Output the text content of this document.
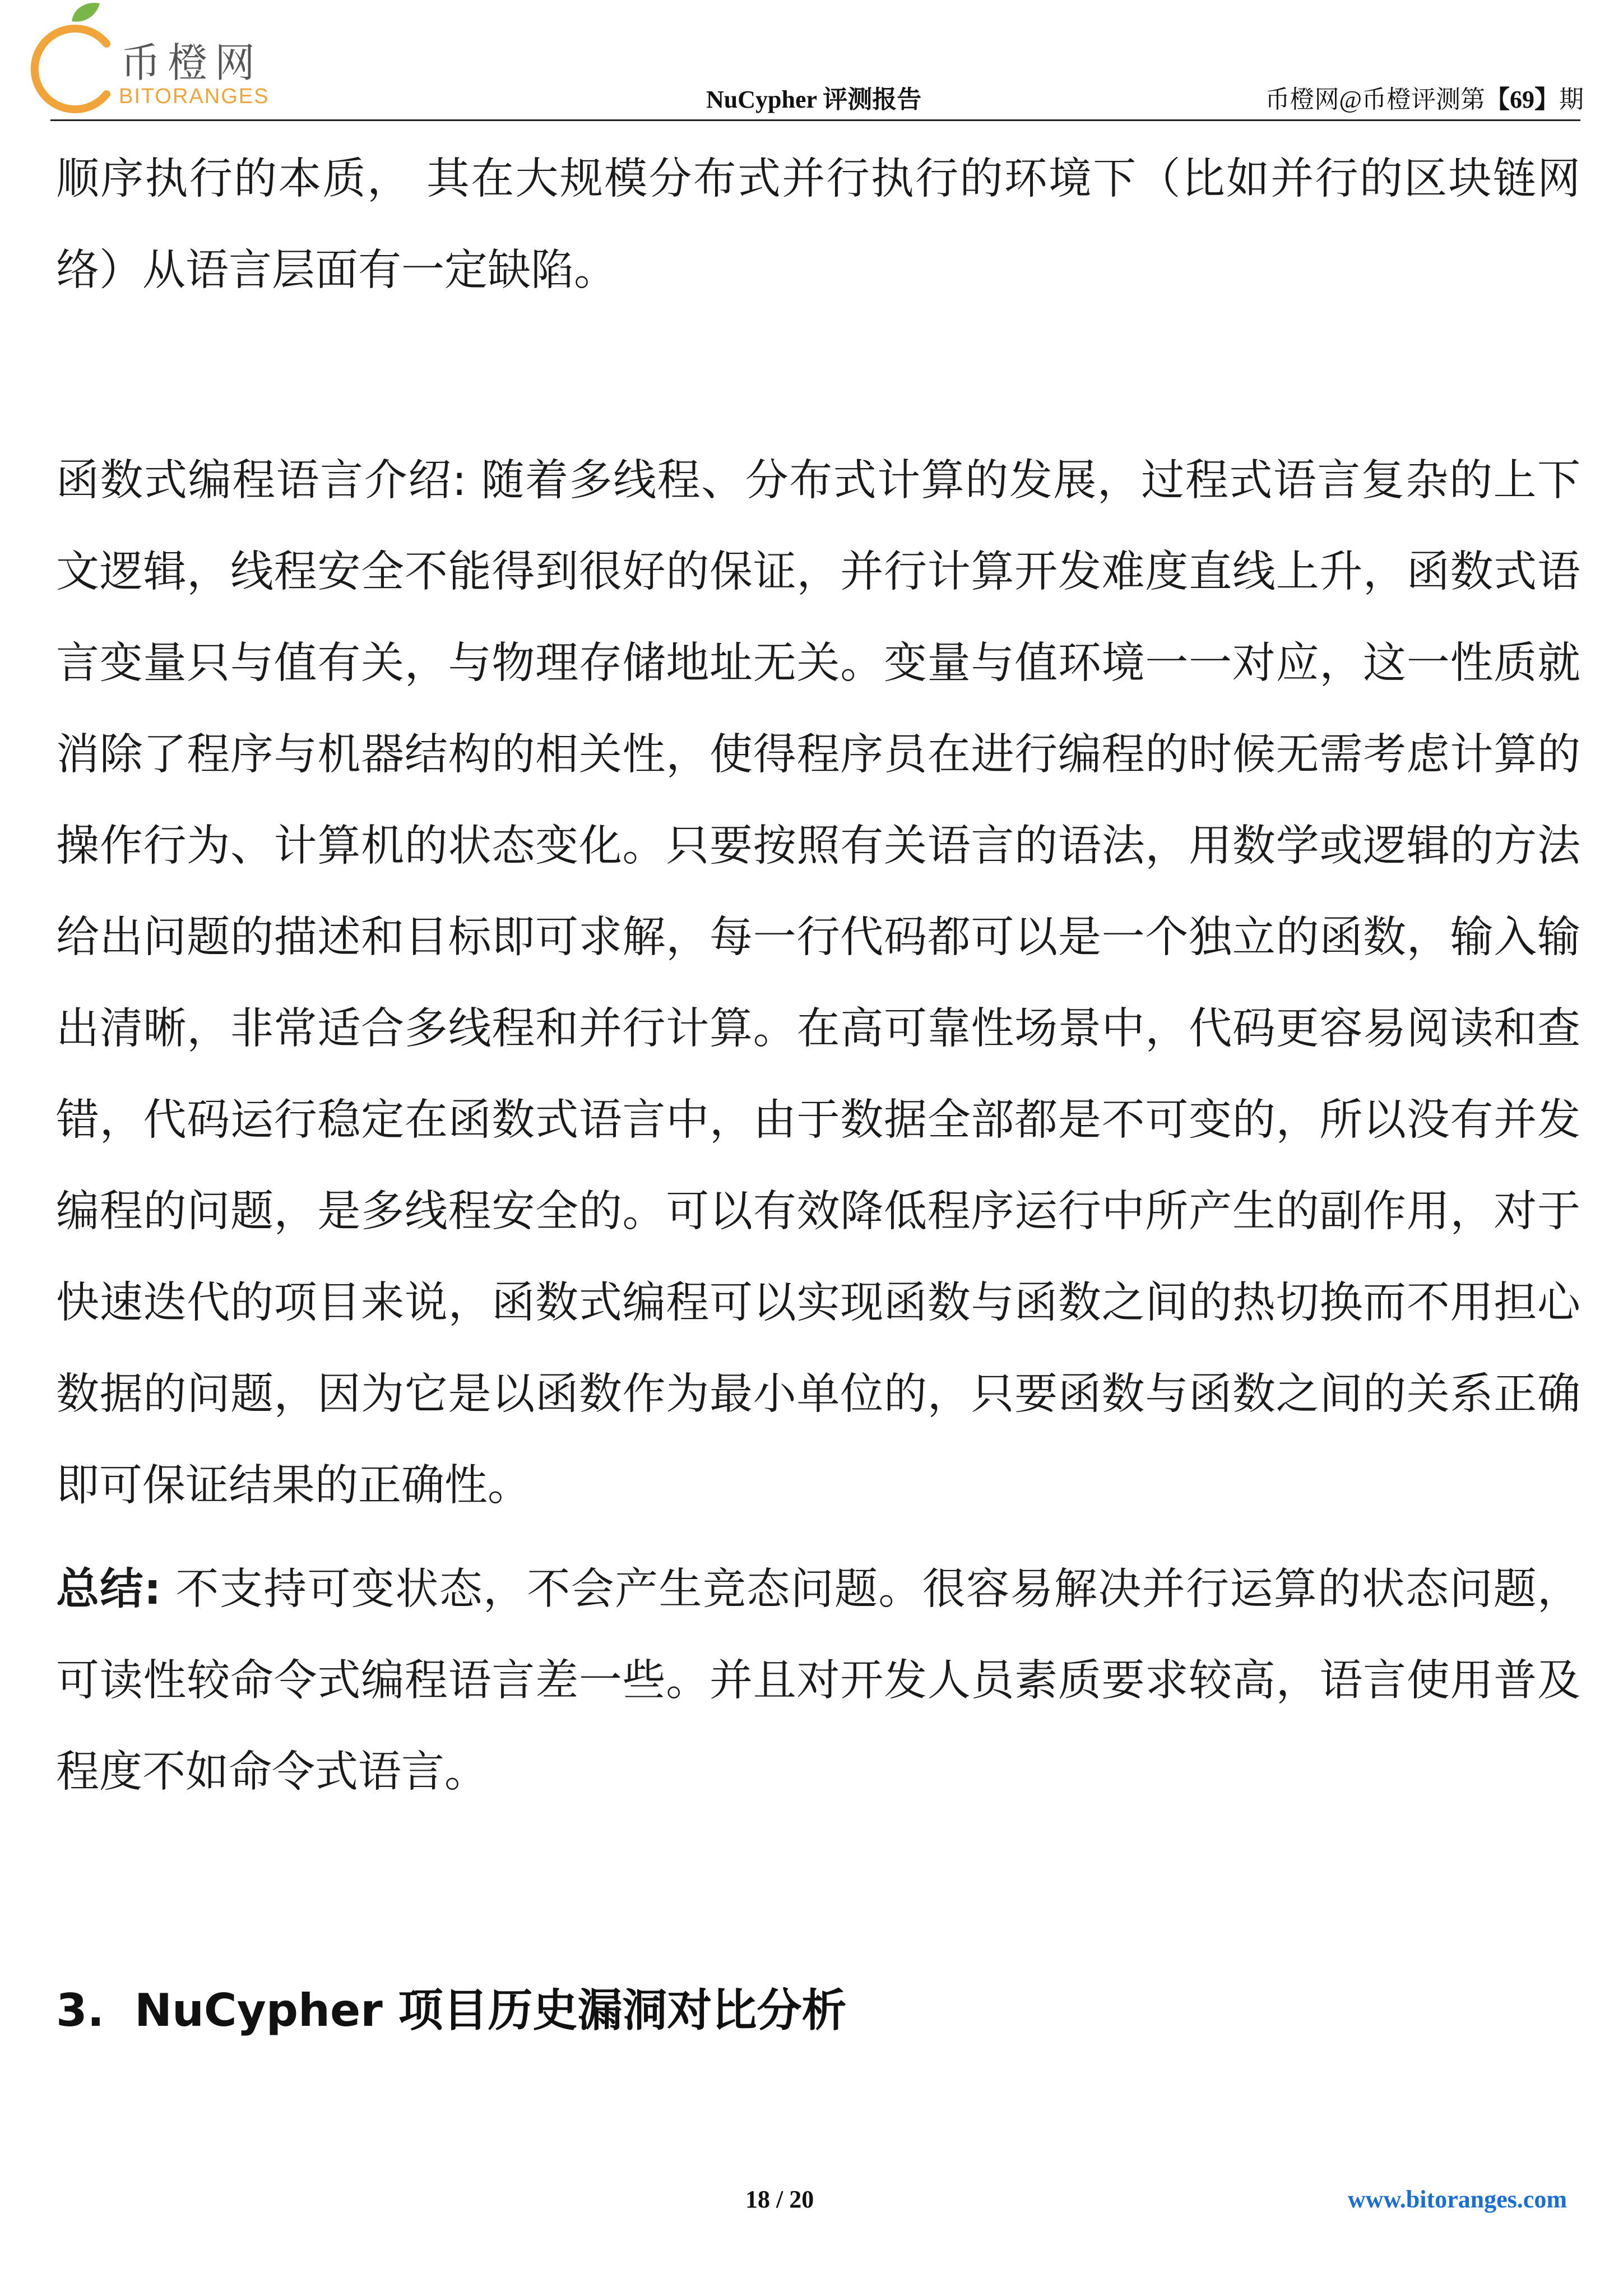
币橙网
BITORANGES	NuCypher 评测报告	币橙网@币橙评测第【69】期

顺序执行的本质， 其在大规模分布式并行执行的环境下（比如并行的区块链网络）从语言层面有一定缺陷。

函数式编程语言介绍: 随着多线程、分布式计算的发展，过程式语言复杂的上下文逻辑，线程安全不能得到很好的保证，并行计算开发难度直线上升，函数式语言变量只与值有关，与物理存储地址无关。变量与值环境一一对应，这一性质就消除了程序与机器结构的相关性，使得程序员在进行编程的时候无需考虑计算的操作行为、计算机的状态变化。只要按照有关语言的语法，用数学或逻辑的方法给出问题的描述和目标即可求解，每一行代码都可以是一个独立的函数，输入输出清晰，非常适合多线程和并行计算。在高可靠性场景中，代码更容易阅读和查错，代码运行稳定在函数式语言中，由于数据全部都是不可变的，所以没有并发编程的问题，是多线程安全的。可以有效降低程序运行中所产生的副作用，对于快速迭代的项目来说，函数式编程可以实现函数与函数之间的热切换而不用担心数据的问题，因为它是以函数作为最小单位的，只要函数与函数之间的关系正确即可保证结果的正确性。

总结: 不支持可变状态，不会产生竞态问题。很容易解决并行运算的状态问题，可读性较命令式编程语言差一些。并且对开发人员素质要求较高，语言使用普及程度不如命令式语言。

3. NuCypher 项目历史漏洞对比分析

18 / 20	www.bitoranges.com
